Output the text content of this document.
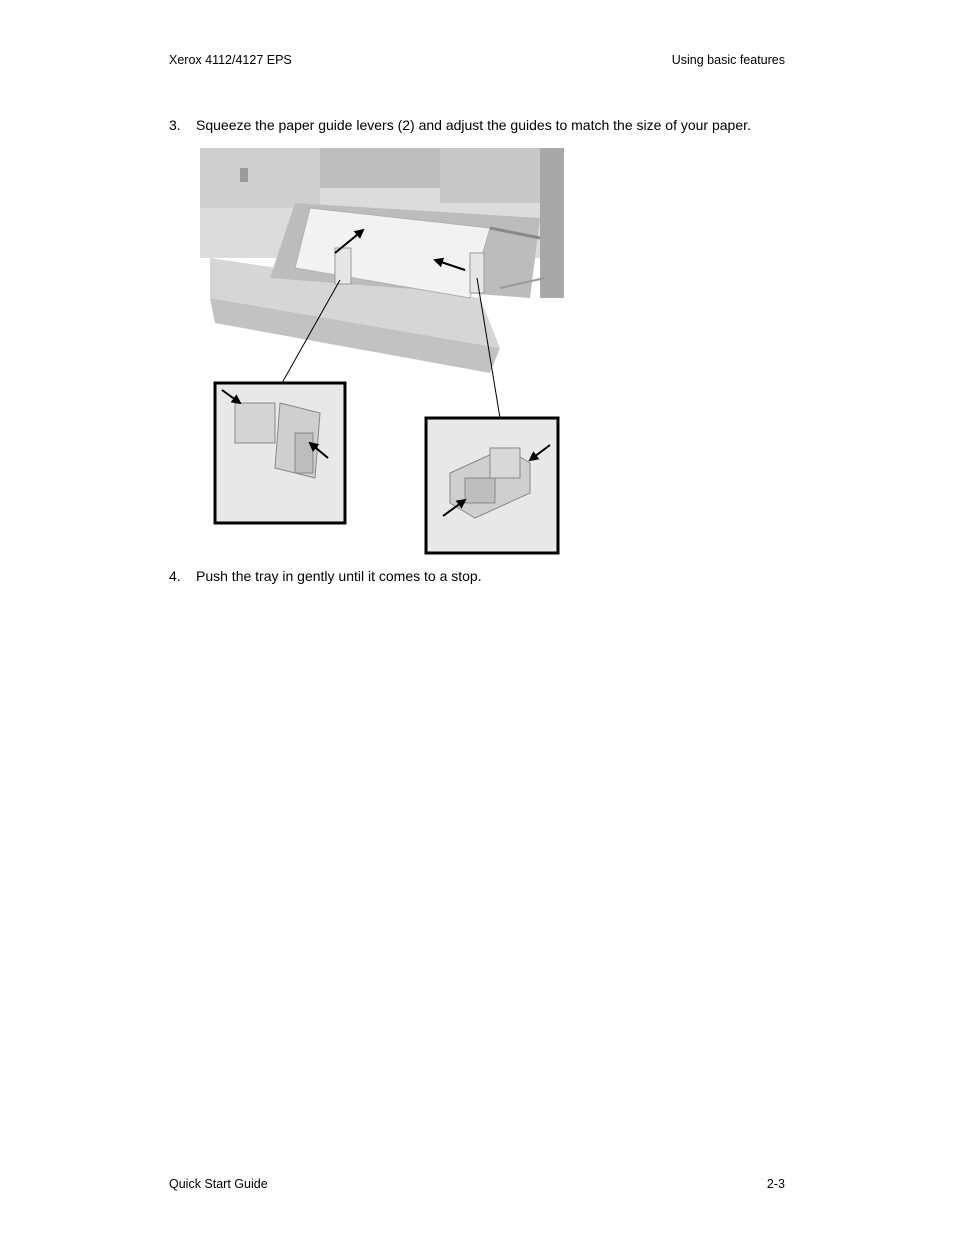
Xerox 4112/4127 EPS	Using basic features
3. Squeeze the paper guide levers (2) and adjust the guides to match the size of your paper.
4. Push the tray in gently until it comes to a stop.
Quick Start Guide	2-3
